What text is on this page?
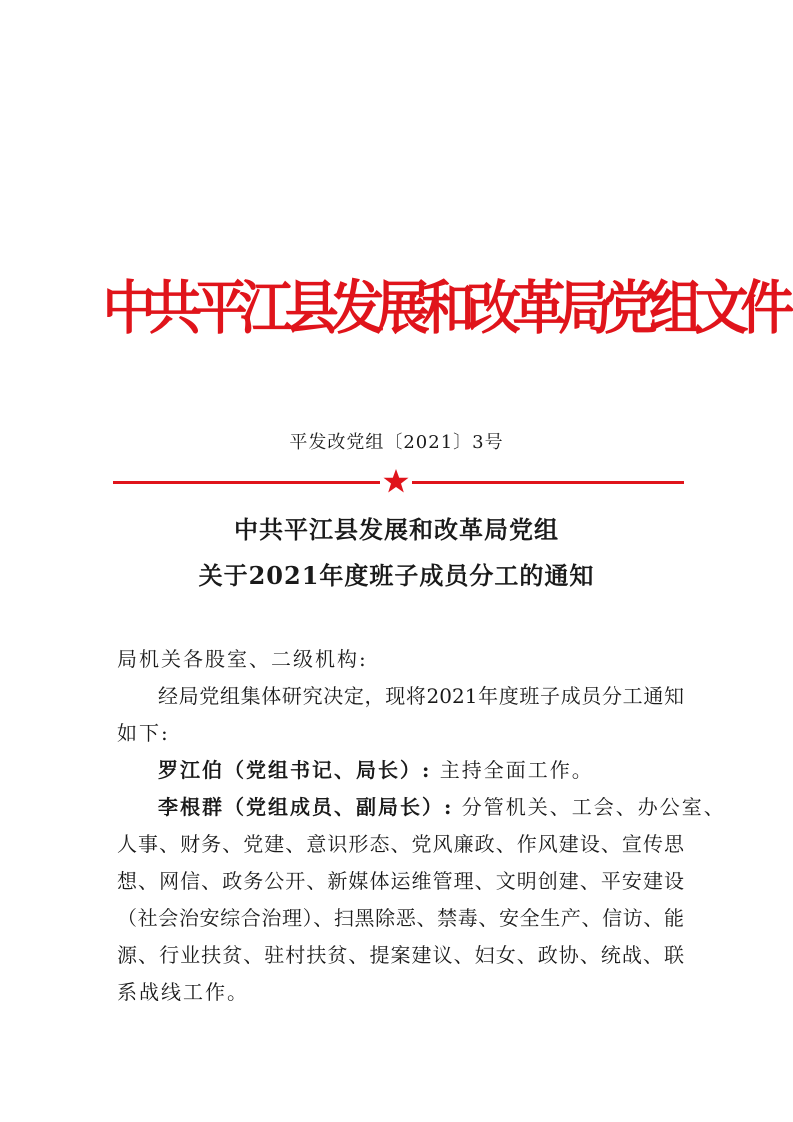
中共平江县发展和改革局党组文件
平发改党组〔2021〕3号
中共平江县发展和改革局党组
关于2021年度班子成员分工的通知
局机关各股室、二级机构:
经局党组集体研究决定，现将2021年度班子成员分工通知
如下:
罗江伯（党组书记、局长）: 主持全面工作。
李根群（党组成员、副局长）: 分管机关、工会、办公室、
人事、财务、党建、意识形态、党风廉政、作风建设、宣传思
想、网信、政务公开、新媒体运维管理、文明创建、平安建设
（社会治安综合治理）、扫黑除恶、禁毒、安全生产、信访、能
源、行业扶贫、驻村扶贫、提案建议、妇女、政协、统战、联
系战线工作。
